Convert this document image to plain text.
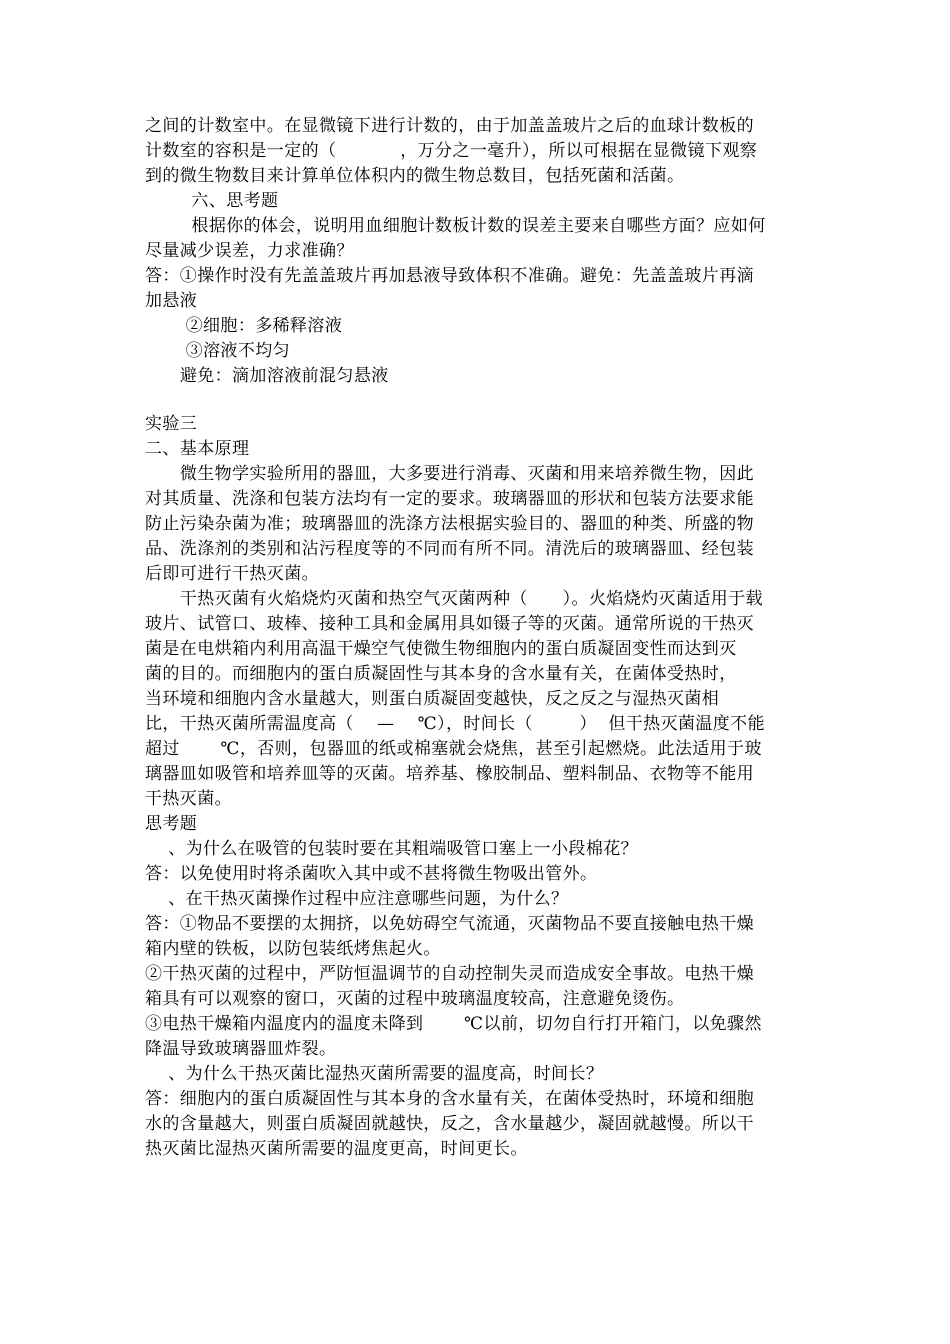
之间的计数室中。在显微镜下进行计数的，由于加盖盖玻片之后的血球计数板的
计数室的容积是一定的（           ，万分之一毫升），所以可根据在显微镜下观察
到的微生物数目来计算单位体积内的微生物总数目，包括死菌和活菌。
六、思考题
根据你的体会，说明用血细胞计数板计数的误差主要来自哪些方面？应如何
尽量减少误差，力求准确？
答：①操作时没有先盖盖玻片再加悬液导致体积不准确。避免：先盖盖玻片再滴
加悬液
②细胞：多稀释溶液
③溶液不均匀
避免：滴加溶液前混匀悬液
实验三
二、基本原理
微生物学实验所用的器皿，大多要进行消毒、灭菌和用来培养微生物，因此
对其质量、洗涤和包装方法均有一定的要求。玻璃器皿的形状和包装方法要求能
防止污染杂菌为准；玻璃器皿的洗涤方法根据实验目的、器皿的种类、所盛的物
品、洗涤剂的类别和沾污程度等的不同而有所不同。清洗后的玻璃器皿、经包装
后即可进行干热灭菌。
干热灭菌有火焰烧灼灭菌和热空气灭菌两种（      ）。火焰烧灼灭菌适用于载
玻片、试管口、玻棒、接种工具和金属用具如镊子等的灭菌。通常所说的干热灭
菌是在电烘箱内利用高温干燥空气使微生物细胞内的蛋白质凝固变性而达到灭
菌的目的。而细胞内的蛋白质凝固性与其本身的含水量有关，在菌体受热时，
当环境和细胞内含水量越大，则蛋白质凝固变越快，反之反之与湿热灭菌相
比，干热灭菌所需温度高（    —    ℃），时间长（        ）  但干热灭菌温度不能
超过       ℃，否则，包器皿的纸或棉塞就会烧焦，甚至引起燃烧。此法适用于玻
璃器皿如吸管和培养皿等的灭菌。培养基、橡胶制品、塑料制品、衣物等不能用
干热灭菌。
思考题
、为什么在吸管的包装时要在其粗端吸管口塞上一小段棉花？
答：以免使用时将杀菌吹入其中或不甚将微生物吸出管外。
、在干热灭菌操作过程中应注意哪些问题，为什么？
答：①物品不要摆的太拥挤，以免妨碍空气流通，灭菌物品不要直接触电热干燥
箱内壁的铁板，以防包装纸烤焦起火。
②干热灭菌的过程中，严防恒温调节的自动控制失灵而造成安全事故。电热干燥
箱具有可以观察的窗口，灭菌的过程中玻璃温度较高，注意避免烫伤。
③电热干燥箱内温度内的温度未降到       ℃以前，切勿自行打开箱门，以免骤然
降温导致玻璃器皿炸裂。
、为什么干热灭菌比湿热灭菌所需要的温度高，时间长？
答：细胞内的蛋白质凝固性与其本身的含水量有关，在菌体受热时，环境和细胞
水的含量越大，则蛋白质凝固就越快，反之，含水量越少，凝固就越慢。所以干
热灭菌比湿热灭菌所需要的温度更高，时间更长。
